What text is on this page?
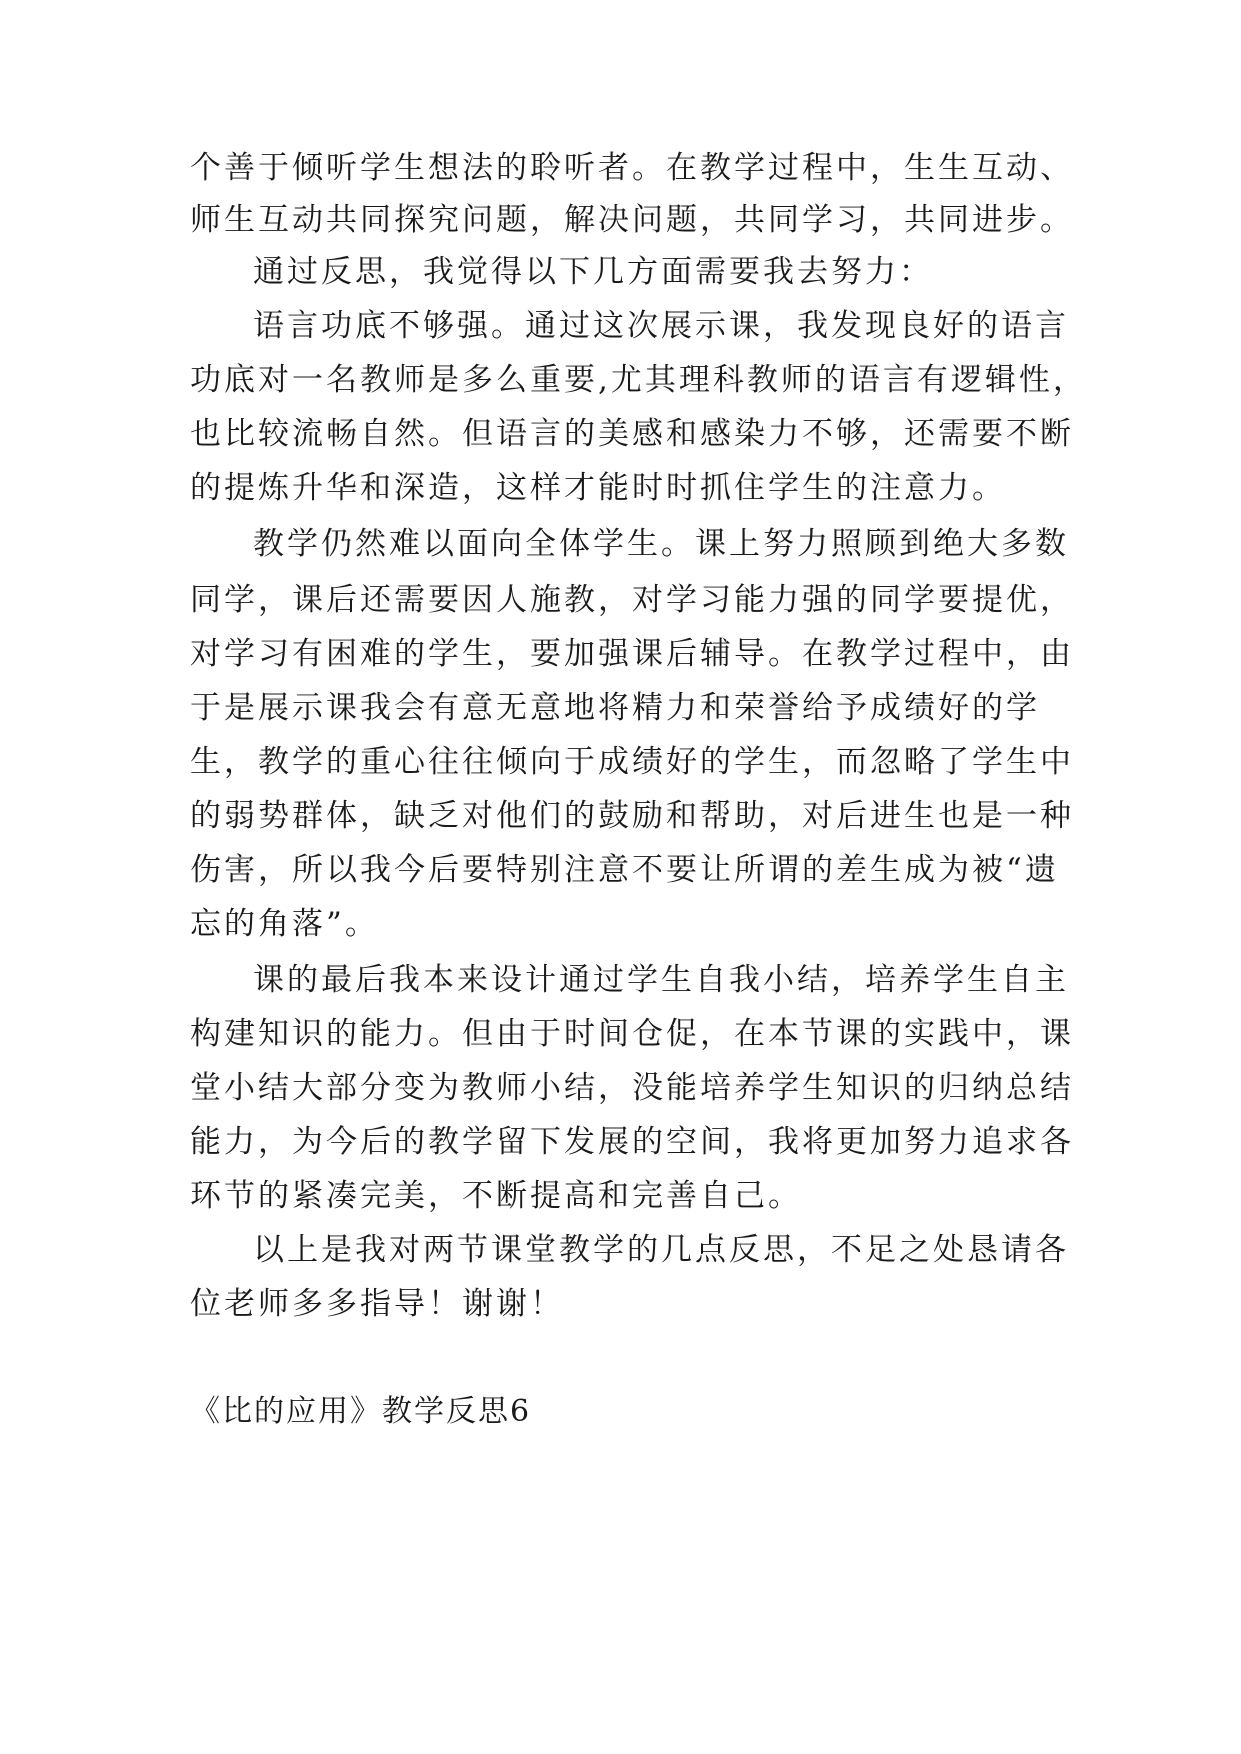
个善于倾听学生想法的聆听者。在教学过程中，生生互动、
师生互动共同探究问题，解决问题，共同学习，共同进步。
通过反思，我觉得以下几方面需要我去努力：
语言功底不够强。通过这次展示课，我发现良好的语言
功底对一名教师是多么重要,尤其理科教师的语言有逻辑性，
也比较流畅自然。但语言的美感和感染力不够，还需要不断
的提炼升华和深造，这样才能时时抓住学生的注意力。
教学仍然难以面向全体学生。课上努力照顾到绝大多数
同学，课后还需要因人施教，对学习能力强的同学要提优，
对学习有困难的学生，要加强课后辅导。在教学过程中，由
于是展示课我会有意无意地将精力和荣誉给予成绩好的学
生，教学的重心往往倾向于成绩好的学生，而忽略了学生中
的弱势群体，缺乏对他们的鼓励和帮助，对后进生也是一种
伤害，所以我今后要特别注意不要让所谓的差生成为被“遗
忘的角落”。
课的最后我本来设计通过学生自我小结，培养学生自主
构建知识的能力。但由于时间仓促，在本节课的实践中，课
堂小结大部分变为教师小结，没能培养学生知识的归纳总结
能力，为今后的教学留下发展的空间，我将更加努力追求各
环节的紧凑完美，不断提高和完善自己。
以上是我对两节课堂教学的几点反思，不足之处恳请各
位老师多多指导！谢谢！
《比的应用》教学反思6
